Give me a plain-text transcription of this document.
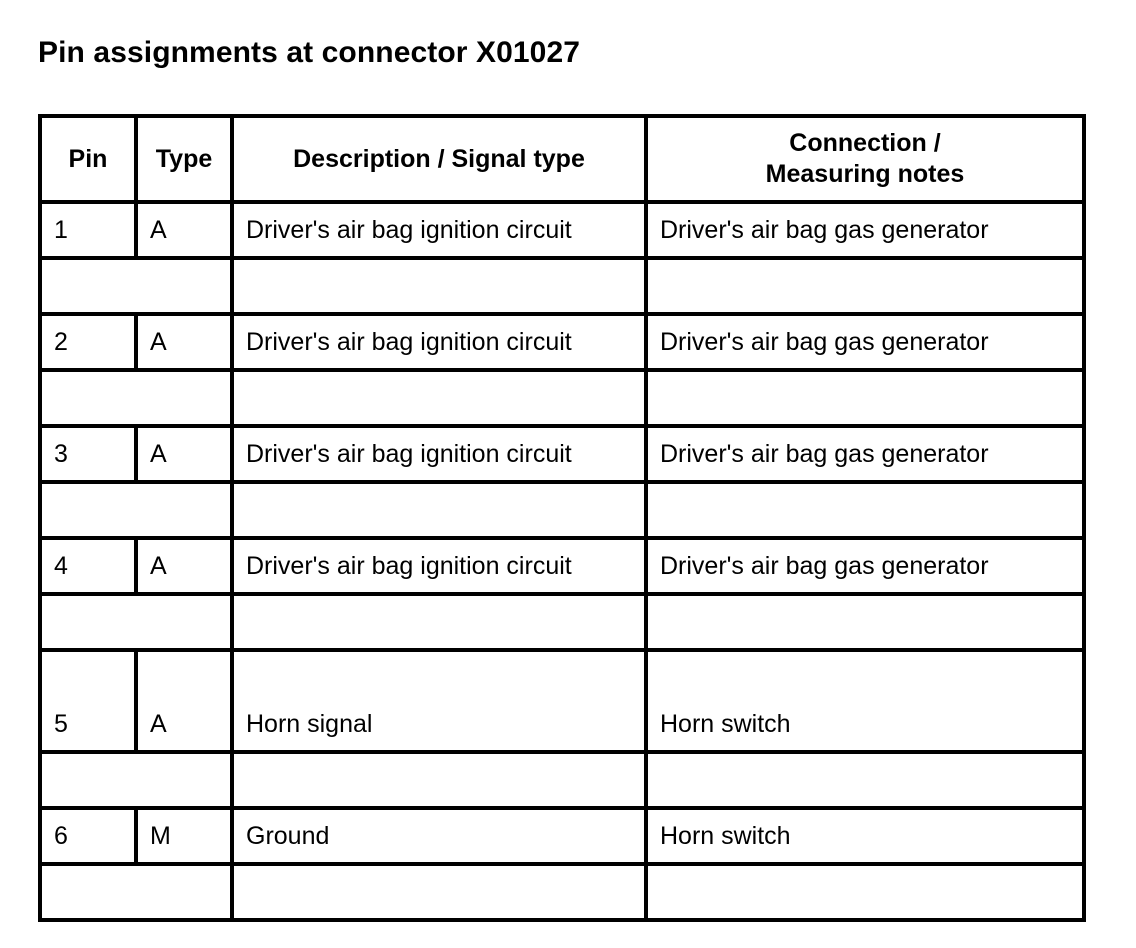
Pin assignments at connector X01027
Pin	Type	Description / Signal type	Connection /
Measuring notes

1	A	Driver's air bag ignition circuit	Driver's air bag gas generator

2	A	Driver's air bag ignition circuit	Driver's air bag gas generator

3	A	Driver's air bag ignition circuit	Driver's air bag gas generator

4	A	Driver's air bag ignition circuit	Driver's air bag gas generator

5	A	Horn signal	Horn switch

6	M	Ground	Horn switch
